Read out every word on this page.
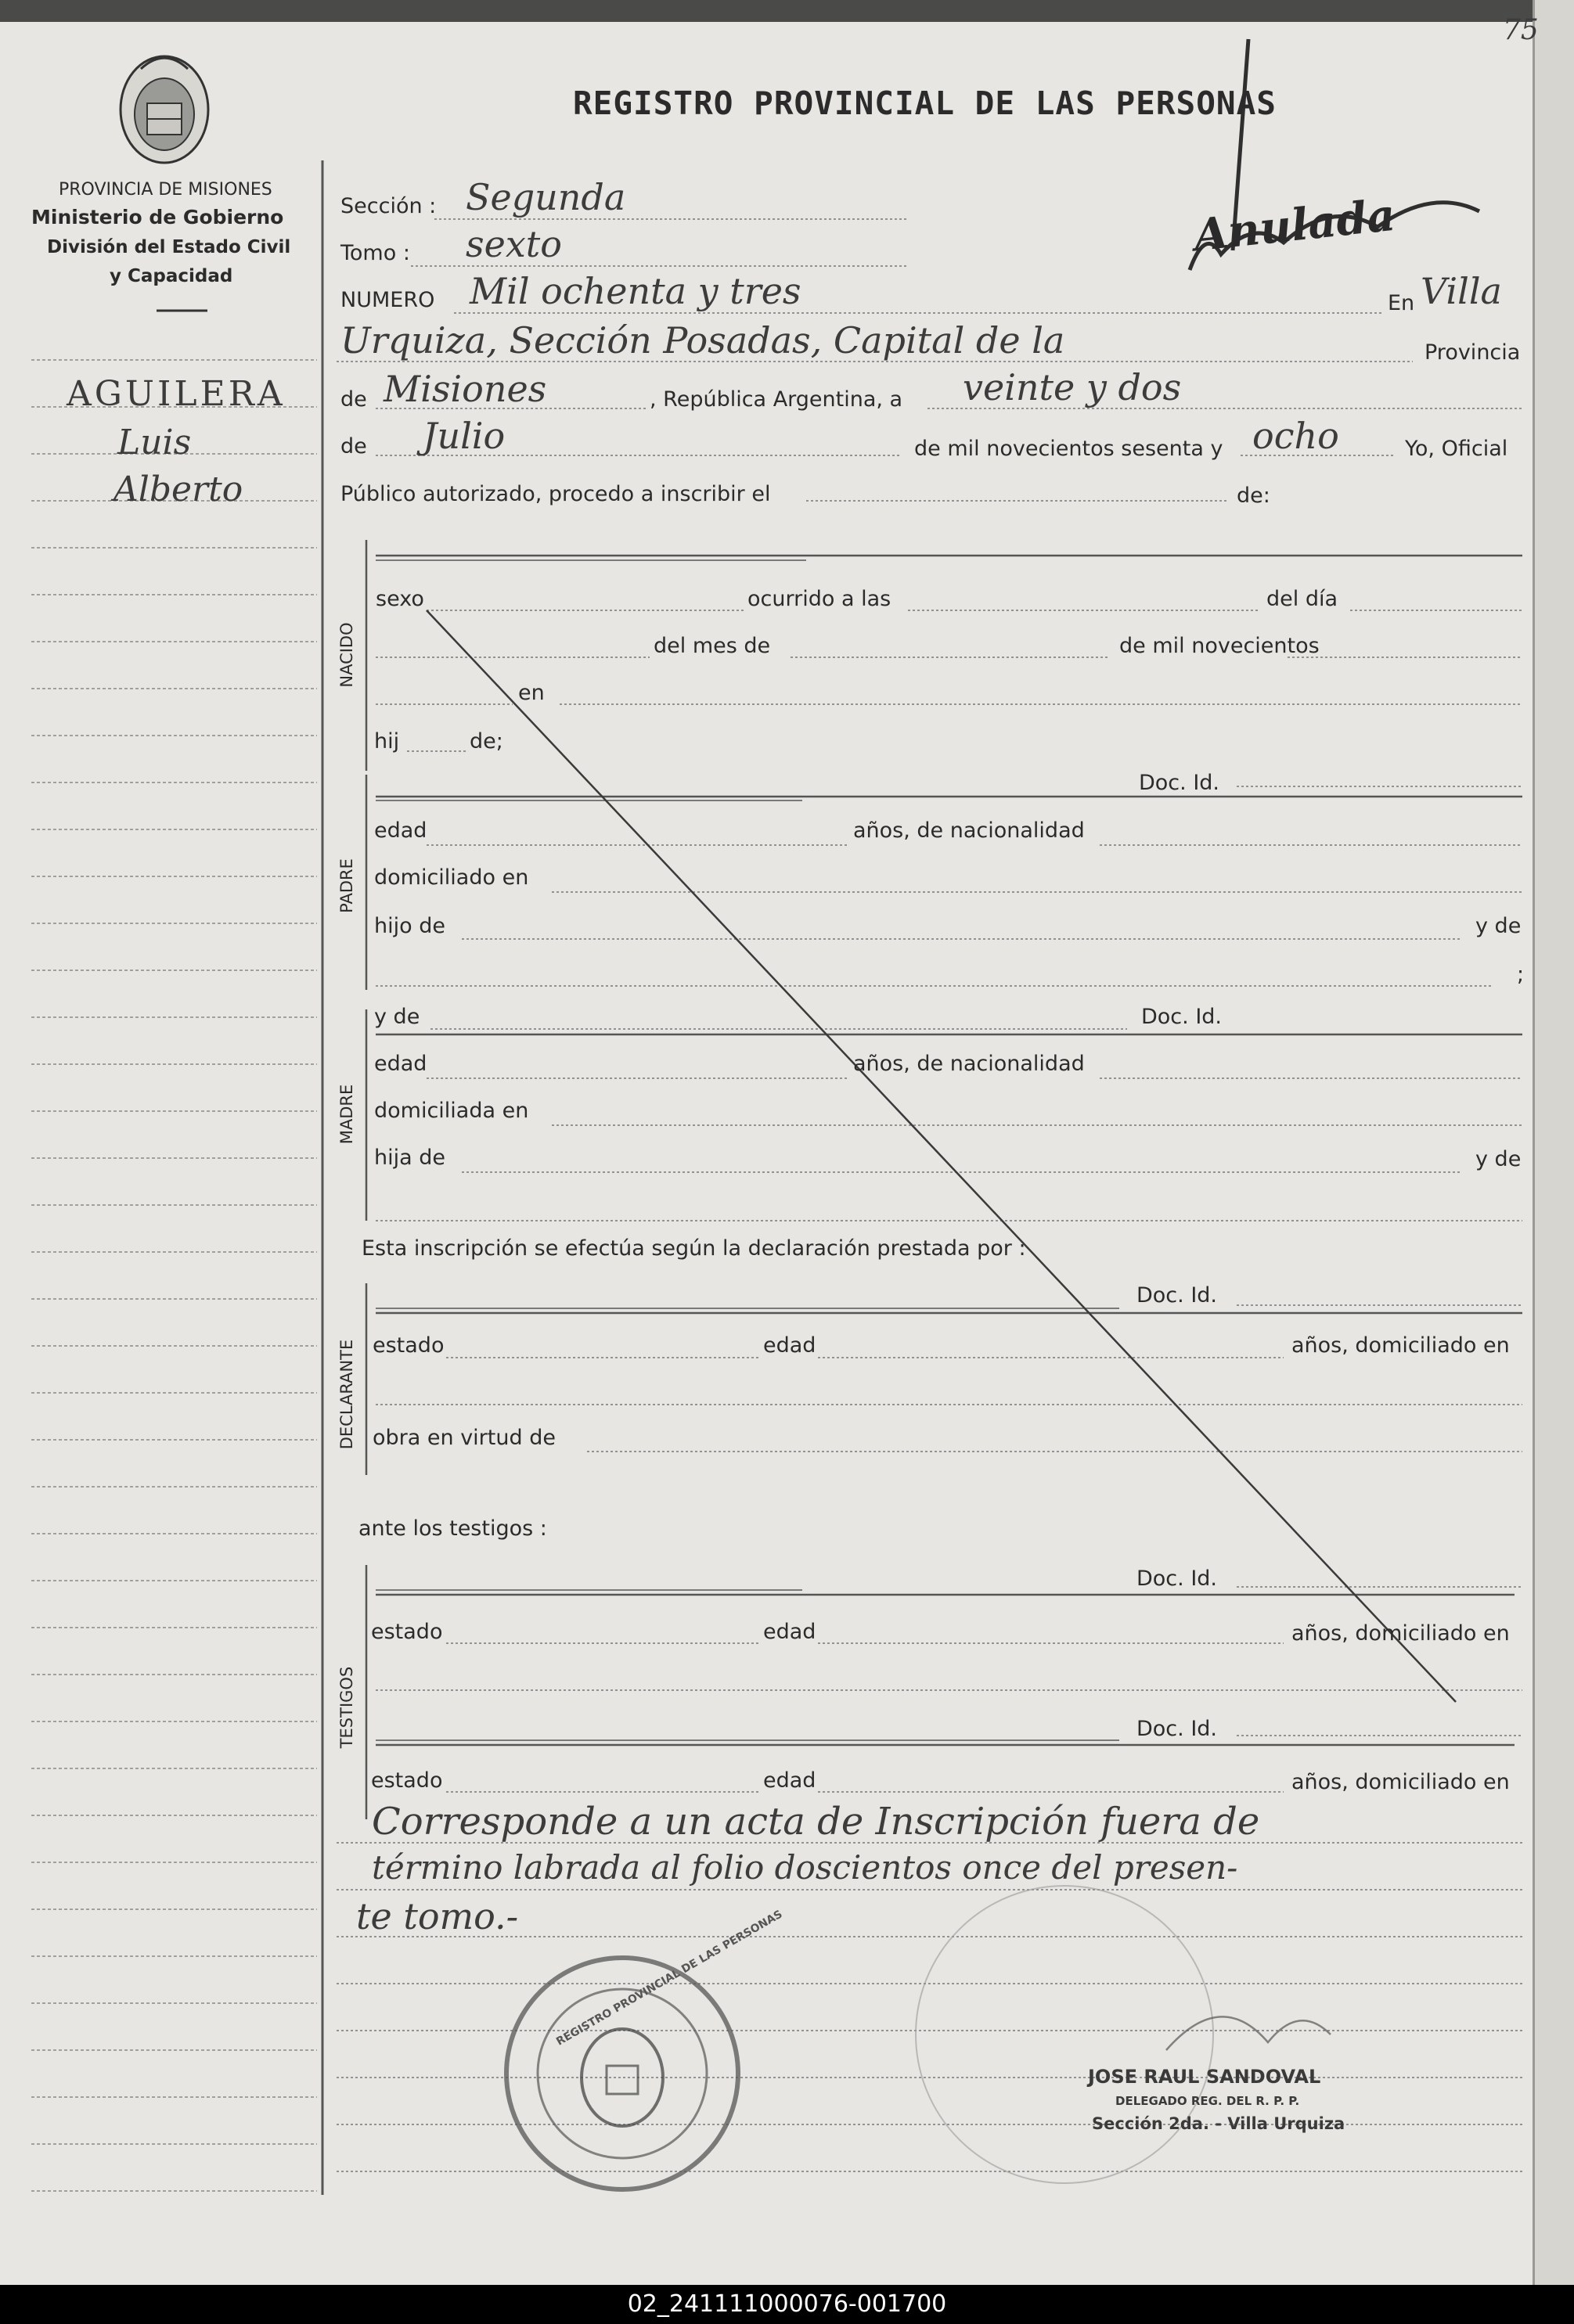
75
REGISTRO PROVINCIAL DE LAS PERSONAS
PROVINCIA DE MISIONES
Ministerio de Gobierno
División del Estado Civil
y Capacidad
Anulada
AGUILERA
Luis
Alberto
Sección : Segunda
Tomo : sexto
NUMERO Mil ochenta y tres	En Villa
Urquiza, Sección Posadas, Capital de la	Provincia
de Misiones	, República Argentina, a veinte y dos
de Julio	de mil novecientos sesenta y ocho	Yo, Oficial
Público autorizado, procedo a inscribir el	de:
NACIDO
sexo	ocurrido a las	del día
del mes de	de mil novecientos
en
hij	de;
PADRE
Doc. Id.
edad	años, de nacionalidad
domiciliado en
hijo de	y de
;
MADRE
y de	Doc. Id.
edad	años, de nacionalidad
domiciliada en
hija de	y de
Esta inscripción se efectúa según la declaración prestada por :
DECLARANTE
Doc. Id.
estado	edad	años, domiciliado en
obra en virtud de
ante los testigos :
TESTIGOS
Doc. Id.
estado	edad	años, domiciliado en
Doc. Id.
estado	edad	años, domiciliado en
Corresponde a un acta de Inscripción fuera de
término labrada al folio doscientos once del presen-
te tomo.-
JOSE RAUL SANDOVAL
DELEGADO REG. DEL R. P. P.
Sección 2da. - Villa Urquiza
REGISTRO PROVINCIAL DE LAS PERSONAS
02_241111000076-001700
